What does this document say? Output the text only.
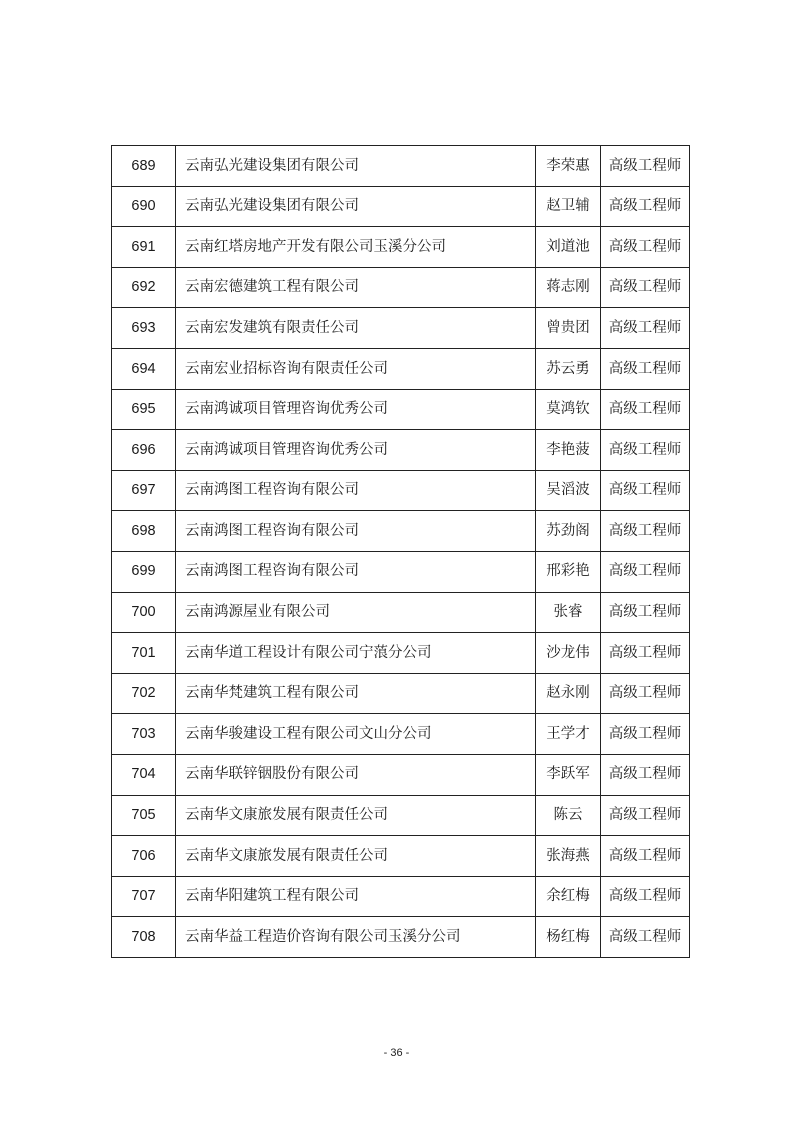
689	云南弘光建设集团有限公司	李荣惠	高级工程师
690	云南弘光建设集团有限公司	赵卫辅	高级工程师
691	云南红塔房地产开发有限公司玉溪分公司	刘道池	高级工程师
692	云南宏德建筑工程有限公司	蒋志刚	高级工程师
693	云南宏发建筑有限责任公司	曾贵团	高级工程师
694	云南宏业招标咨询有限责任公司	苏云勇	高级工程师
695	云南鸿诚项目管理咨询优秀公司	莫鸿钦	高级工程师
696	云南鸿诚项目管理咨询优秀公司	李艳菠	高级工程师
697	云南鸿图工程咨询有限公司	吴滔波	高级工程师
698	云南鸿图工程咨询有限公司	苏劲阁	高级工程师
699	云南鸿图工程咨询有限公司	邢彩艳	高级工程师
700	云南鸿源屋业有限公司	张睿	高级工程师
701	云南华道工程设计有限公司宁蒗分公司	沙龙伟	高级工程师
702	云南华梵建筑工程有限公司	赵永刚	高级工程师
703	云南华骏建设工程有限公司文山分公司	王学才	高级工程师
704	云南华联锌铟股份有限公司	李跃军	高级工程师
705	云南华文康旅发展有限责任公司	陈云	高级工程师
706	云南华文康旅发展有限责任公司	张海燕	高级工程师
707	云南华阳建筑工程有限公司	余红梅	高级工程师
708	云南华益工程造价咨询有限公司玉溪分公司	杨红梅	高级工程师
- 36 -
